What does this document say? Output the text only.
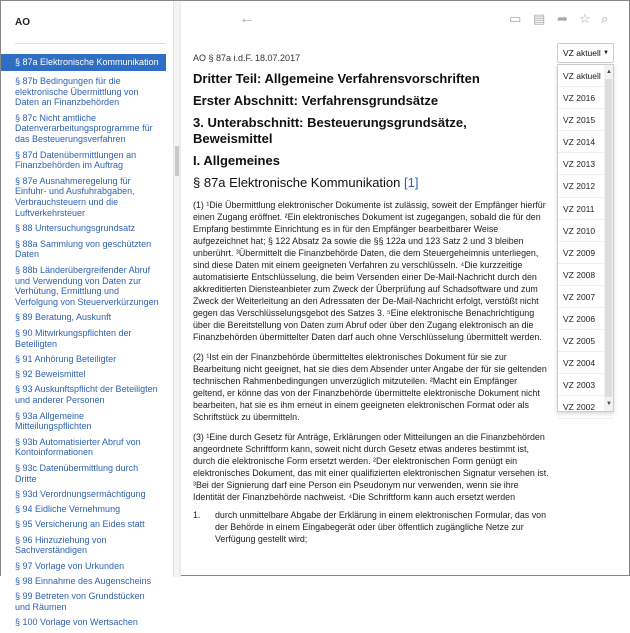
AO
§ 87a Elektronische Kommunikation
§ 87b Bedingungen für die elektronische Übermittlung von Daten an Finanzbehörden
§ 87c Nicht amtliche Datenverarbeitungsprogramme für das Besteuerungsverfahren
§ 87d Datenübermittlungen an Finanzbehörden im Auftrag
§ 87e Ausnahmeregelung für Einfuhr- und Ausfuhrabgaben, Verbrauchsteuern und die Luftverkehrsteuer
§ 88 Untersuchungsgrundsatz
§ 88a Sammlung von geschützten Daten
§ 88b Länderübergreifender Abruf und Verwendung von Daten zur Verhütung, Ermittlung und Verfolgung von Steuerverkürzungen
§ 89 Beratung, Auskunft
§ 90 Mitwirkungspflichten der Beteiligten
§ 91 Anhörung Beteiligter
§ 92 Beweismittel
§ 93 Auskunftspflicht der Beteiligten und anderer Personen
§ 93a Allgemeine Mitteilungspflichten
§ 93b Automatisierter Abruf von Kontoinformationen
§ 93c Datenübermittlung durch Dritte
§ 93d Verordnungsermächtigung
§ 94 Eidliche Vernehmung
§ 95 Versicherung an Eides statt
§ 96 Hinzuziehung von Sachverständigen
§ 97 Vorlage von Urkunden
§ 98 Einnahme des Augenscheins
§ 99 Betreten von Grundstücken und Räumen
§ 100 Vorlage von Wertsachen
←	▭ ▤ ➦ ☆ ⌕
AO § 87a i.d.F. 18.07.2017
Dritter Teil: Allgemeine Verfahrensvorschriften
Erster Abschnitt: Verfahrensgrundsätze
3. Unterabschnitt: Besteuerungsgrundsätze, Beweismittel
I. Allgemeines
§ 87a Elektronische Kommunikation [1]

(1) ¹Die Übermittlung elektronischer Dokumente ist zulässig, soweit der Empfänger hierfür einen Zugang eröffnet. ²Ein elektronisches Dokument ist zugegangen, sobald die für den Empfang bestimmte Einrichtung es in für den Empfänger bearbeitbarer Weise aufgezeichnet hat; § 122 Absatz 2a sowie die §§ 122a und 123 Satz 2 und 3 bleiben unberührt. ³Übermittelt die Finanzbehörde Daten, die dem Steuergeheimnis unterliegen, sind diese Daten mit einem geeigneten Verfahren zu verschlüsseln. ⁴Die kurzzeitige automatisierte Entschlüsselung, die beim Versenden einer De-Mail-Nachricht durch den akkreditierten Diensteanbieter zum Zweck der Überprüfung auf Schadsoftware und zum Zweck der Weiterleitung an den Adressaten der De-Mail-Nachricht erfolgt, verstößt nicht gegen das Verschlüsselungsgebot des Satzes 3. ⁵Eine elektronische Benachrichtigung über die Bereitstellung von Daten zum Abruf oder über den Zugang elektronisch an die Finanzbehörden übermittelter Daten darf auch ohne Verschlüsselung übermittelt werden.

(2) ¹Ist ein der Finanzbehörde übermitteltes elektronisches Dokument für sie zur Bearbeitung nicht geeignet, hat sie dies dem Absender unter Angabe der für sie geltenden technischen Rahmenbedingungen unverzüglich mitzuteilen. ²Macht ein Empfänger geltend, er könne das von der Finanzbehörde übermittelte elektronische Dokument nicht bearbeiten, hat sie es ihm erneut in einem geeigneten elektronischen Format oder als Schriftstück zu übermitteln.

(3) ¹Eine durch Gesetz für Anträge, Erklärungen oder Mitteilungen an die Finanzbehörden angeordnete Schriftform kann, soweit nicht durch Gesetz etwas anderes bestimmt ist, durch die elektronische Form ersetzt werden. ²Der elektronischen Form genügt ein elektronisches Dokument, das mit einer qualifizierten elektronischen Signatur versehen ist. ³Bei der Signierung darf eine Person ein Pseudonym nur verwenden, wenn sie ihre Identität der Finanzbehörde nachweist. ⁴Die Schriftform kann auch ersetzt werden

1.	durch unmittelbare Abgabe der Erklärung in einem elektronischen Formular, das von der Behörde in einem Eingabegerät oder über öffentlich zugängliche Netze zur Verfügung gestellt wird;
VZ aktuell ▼
VZ aktuell
VZ 2016
VZ 2015
VZ 2014
VZ 2013
VZ 2012
VZ 2011
VZ 2010
VZ 2009
VZ 2008
VZ 2007
VZ 2006
VZ 2005
VZ 2004
VZ 2003
VZ 2002
▲
▼
